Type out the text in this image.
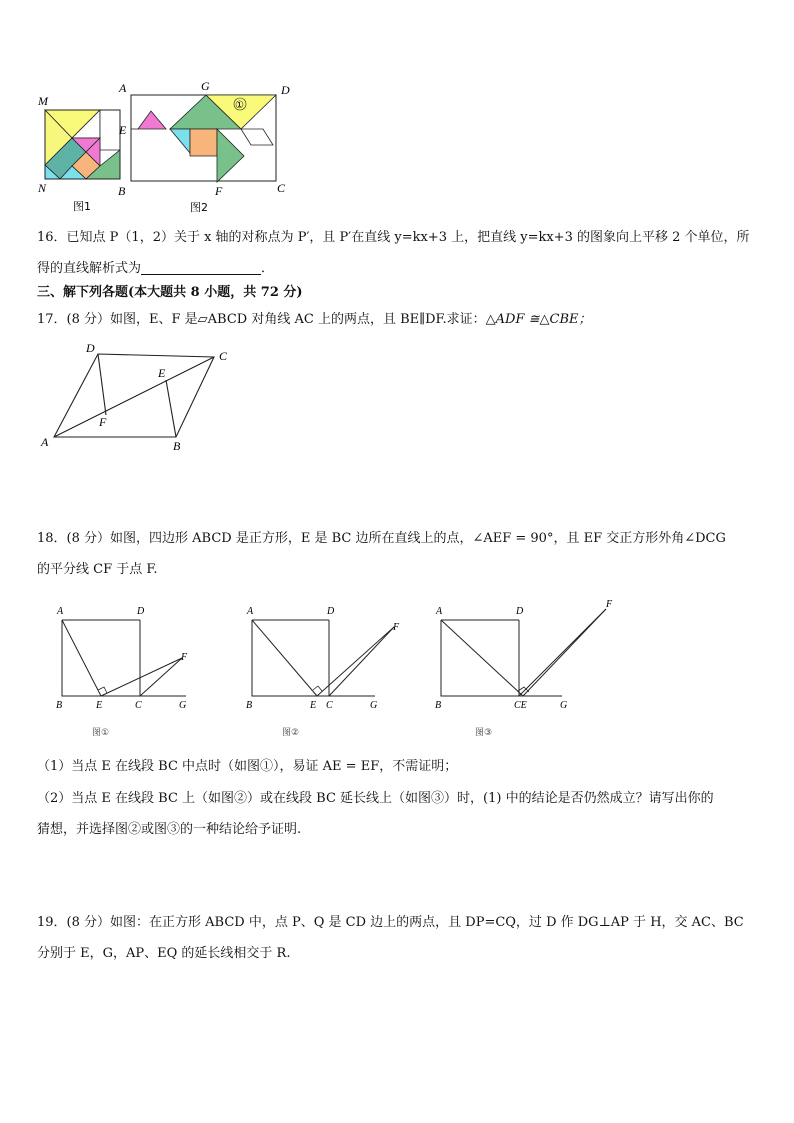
M
N	B
图1
①
A	G	D
E
F	C
图2
16．已知点 P（1，2）关于 x 轴的对称点为 P′，且 P′在直线 y=kx+3 上，把直线 y=kx+3 的图象向上平移 2 个单位，所
得的直线解析式为	．
三、解下列各题(本大题共 8 小题，共 72 分)
17．(8 分）如图，E、F 是▱ABCD 对角线 AC 上的两点，且 BE∥DF.求证：△ADF ≅△CBE；
D
C
E
F
A	B
18．(8 分）如图，四边形 ABCD 是正方形，E 是 BC 边所在直线上的点，∠AEF = 90°，且 EF 交正方形外角∠DCG
的平分线 CF 于点 F.
A	D
B	E	C	G
F
图①
A	D
B	E C	G
F
图②
A	D
B	CE	G
F
图③
（1）当点 E 在线段 BC 中点时（如图①），易证 AE = EF，不需证明；
（2）当点 E 在线段 BC 上（如图②）或在线段 BC 延长线上（如图③）时，(1) 中的结论是否仍然成立？请写出你的
猜想，并选择图②或图③的一种结论给予证明.
19．(8 分）如图：在正方形 ABCD 中，点 P、Q 是 CD 边上的两点，且 DP=CQ，过 D 作 DG⊥AP 于 H，交 AC、BC
分别于 E，G，AP、EQ 的延长线相交于 R.
